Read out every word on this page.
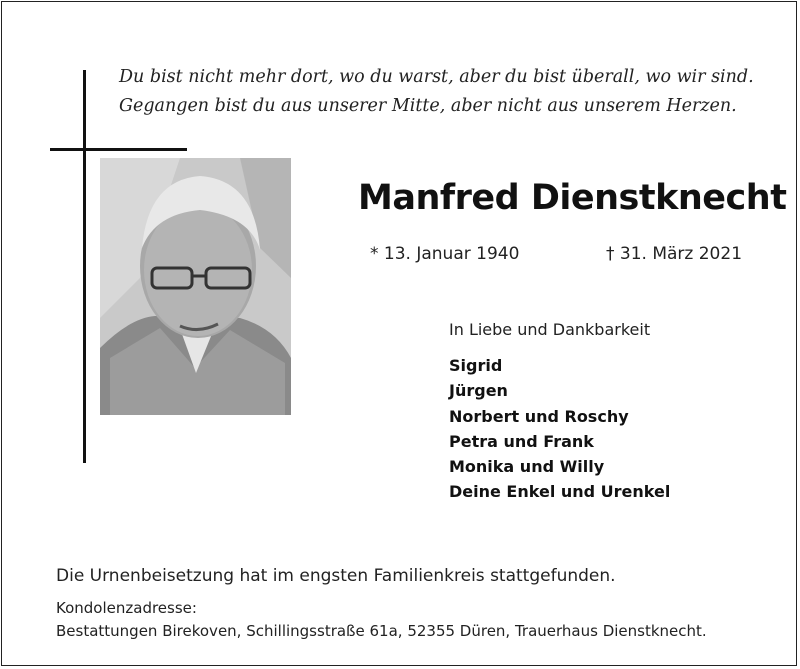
Du bist nicht mehr dort, wo du warst, aber du bist überall, wo wir sind.
Gegangen bist du aus unserer Mitte, aber nicht aus unserem Herzen.
Manfred Dienstknecht
* 13. Januar 1940	† 31. März 2021
In Liebe und Dankbarkeit
Sigrid
Jürgen
Norbert und Roschy
Petra und Frank
Monika und Willy
Deine Enkel und Urenkel
Die Urnenbeisetzung hat im engsten Familienkreis stattgefunden.
Kondolenzadresse:
Bestattungen Birekoven, Schillingsstraße 61a, 52355 Düren, Trauerhaus Dienstknecht.
